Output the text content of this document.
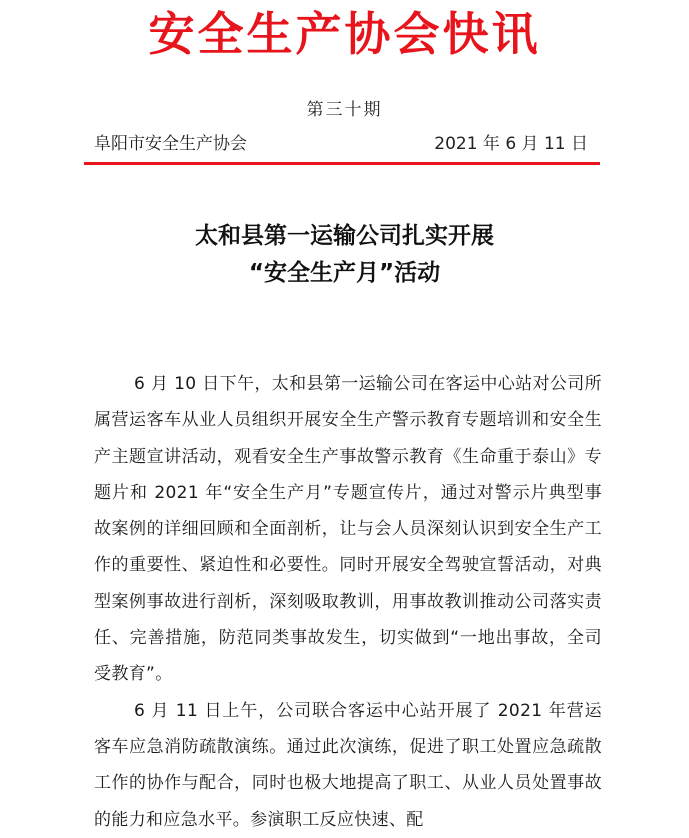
安全生产协会快讯
第三十期
阜阳市安全生产协会	2021 年 6 月 11 日
太和县第一运输公司扎实开展
“安全生产月”活动

6 月 10 日下午，太和县第一运输公司在客运中心站对公司所属营运客车从业人员组织开展安全生产警示教育专题培训和安全生产主题宣讲活动，观看安全生产事故警示教育《生命重于泰山》专题片和 2021 年“安全生产月”专题宣传片，通过对警示片典型事故案例的详细回顾和全面剖析，让与会人员深刻认识到安全生产工作的重要性、紧迫性和必要性。同时开展安全驾驶宣誓活动，对典型案例事故进行剖析，深刻吸取教训，用事故教训推动公司落实责任、完善措施，防范同类事故发生，切实做到“一地出事故，全司受教育”。

6 月 11 日上午，公司联合客运中心站开展了 2021 年营运客车应急消防疏散演练。通过此次演练，促进了职工处置应急疏散工作的协作与配合，同时也极大地提高了职工、从业人员处置事故的能力和应急水平。参演职工反应快速、配
